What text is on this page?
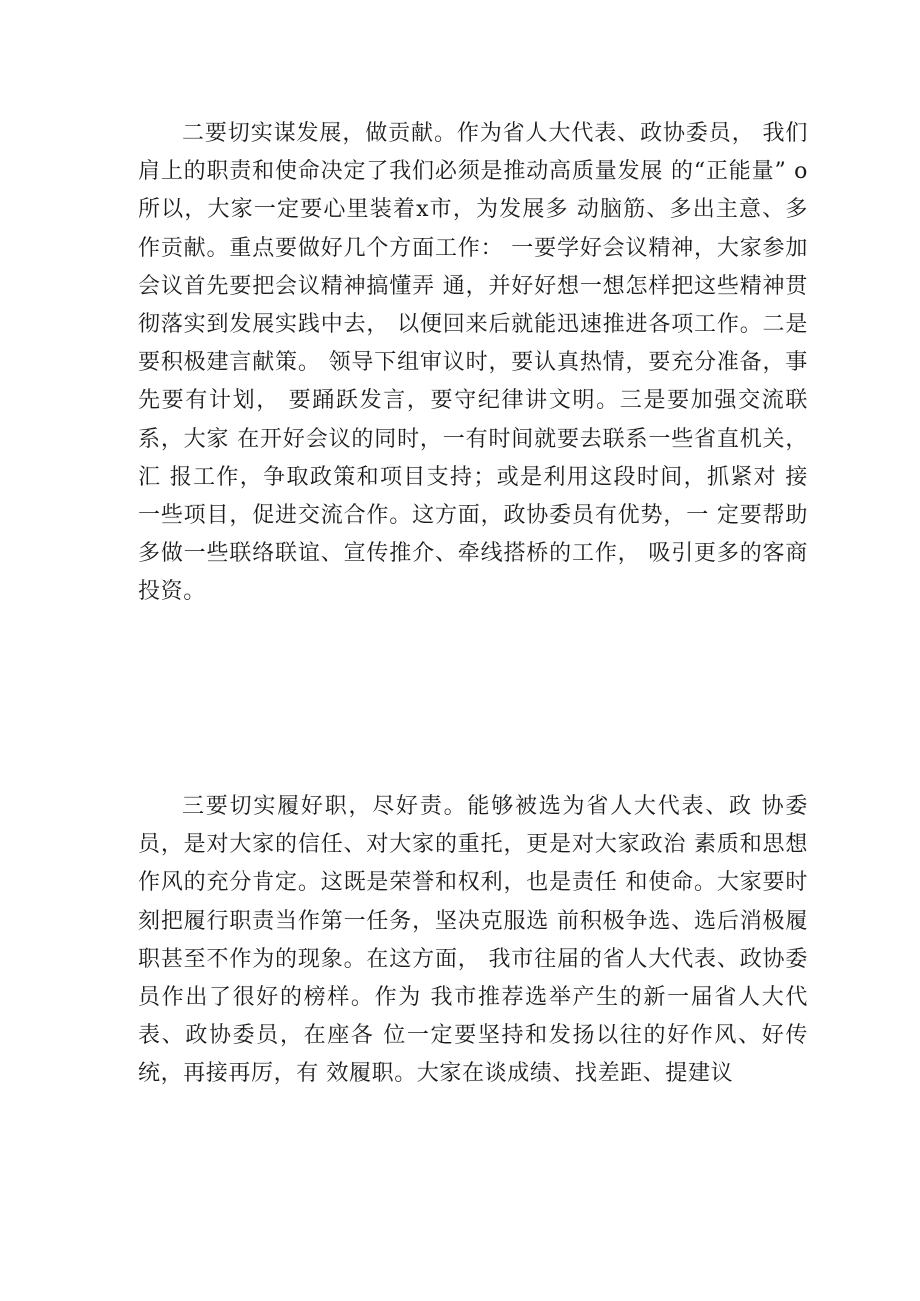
二要切实谋发展，做贡献。作为省人大代表、政协委员， 我们肩上的职责和使命决定了我们必须是推动高质量发展 的“正能量” o所以，大家一定要心里装着x市，为发展多 动脑筋、多出主意、多作贡献。重点要做好几个方面工作： 一要学好会议精神，大家参加会议首先要把会议精神搞懂弄 通，并好好想一想怎样把这些精神贯彻落实到发展实践中去， 以便回来后就能迅速推进各项工作。二是要积极建言献策。 领导下组审议时，要认真热情，要充分准备，事先要有计划， 要踊跃发言，要守纪律讲文明。三是要加强交流联系，大家 在开好会议的同时，一有时间就要去联系一些省直机关，汇 报工作，争取政策和项目支持；或是利用这段时间，抓紧对 接一些项目，促进交流合作。这方面，政协委员有优势，一 定要帮助多做一些联络联谊、宣传推介、牵线搭桥的工作， 吸引更多的客商投资。

三要切实履好职，尽好责。能够被选为省人大代表、政 协委员，是对大家的信任、对大家的重托，更是对大家政治 素质和思想作风的充分肯定。这既是荣誉和权利，也是责任 和使命。大家要时刻把履行职责当作第一任务，坚决克服选 前积极争选、选后消极履职甚至不作为的现象。在这方面， 我市往届的省人大代表、政协委员作出了很好的榜样。作为 我市推荐选举产生的新一届省人大代表、政协委员，在座各 位一定要坚持和发扬以往的好作风、好传统，再接再厉，有 效履职。大家在谈成绩、找差距、提建议
